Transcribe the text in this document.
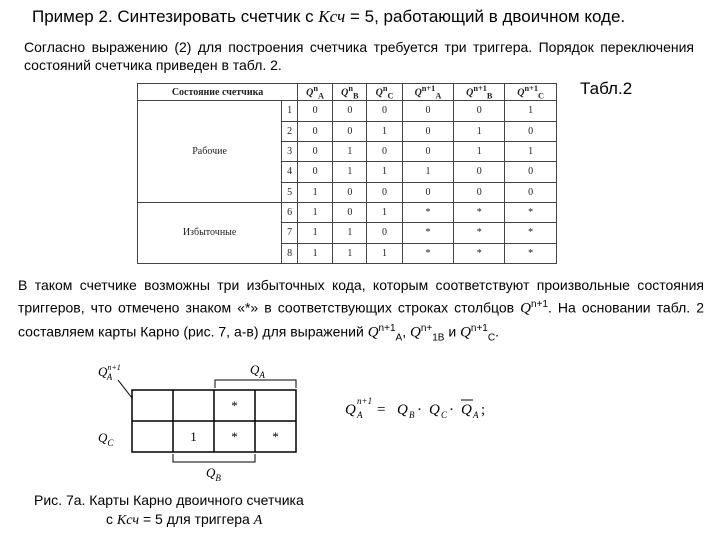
Пример 2. Синтезировать счетчик с Кcч = 5, работающий в двоичном коде.
Согласно выражению (2) для построения счетчика требуется три триггера. Порядок переключения состояний счетчика приведен в табл. 2.
Табл.2
Состояние счетчика		$Q^n_A$	$Q^n_B$	$Q^n_C$	$Q^{n+1}_A$	$Q^{n+1}_B$	$Q^{n+1}_C$
Рабочие	1	0	0	0	0	0	1
	2	0	0	1	0	1	0
	3	0	1	0	0	1	1
	4	0	1	1	1	0	0
	5	1	0	0	0	0	0
Избыточные	6	1	0	1	*	*	*
	7	1	1	0	*	*	*
	8	1	1	1	*	*	*
В таком счетчике возможны три избыточных кода, которым соответствуют произвольные состояния триггеров, что отмечено знаком «*» в соответствующих строках столбцов $Q^{n+1}$. На основании табл. 2 составляем карты Карно (рис. 7, а-в) для выражений $Q^{n+1}_A$, $Q^{n+}_{1B}$ и $Q^{n+1}_C$.
$Q^{n+1}$ A	$Q_A$
*
1	*	*
$Q_C$
$Q_B$
Q
n+1
A = Q B · Q C · Q A ;
Рис. 7а. Карты Карно двоичного счетчика
с Кcч = 5 для триггера А
